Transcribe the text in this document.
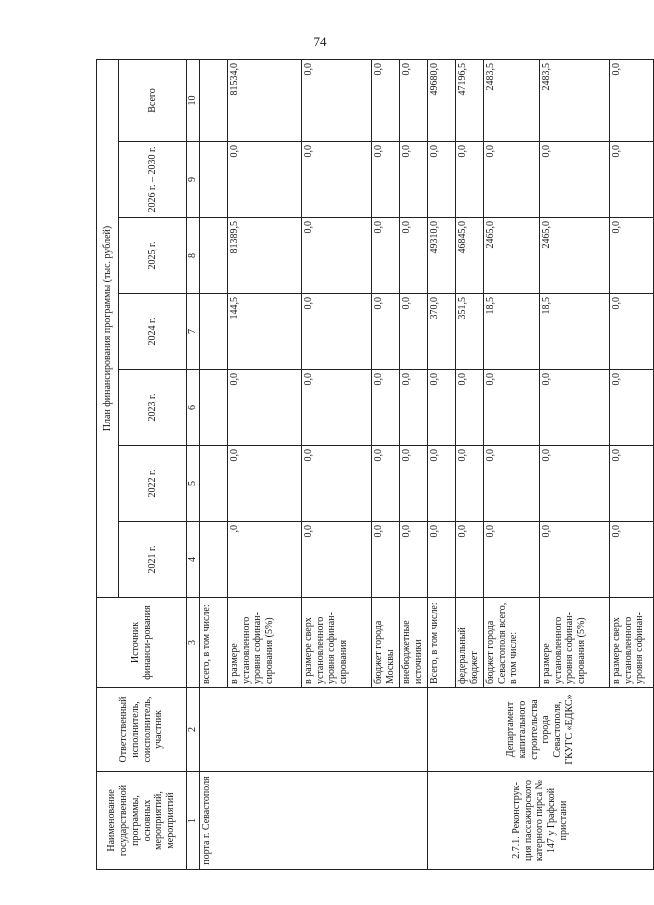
74
Наименование государственной программы, основных мероприятий, мероприятий	Ответственный исполнитель, соисполнитель, участник	Источник финанси-рования	План финансирования программы (тыс. рублей)						
			2021 г.	2022 г.	2023 г.	2024 г.	2025 г.	2026 г. – 2030 г.	Всего
1	2	3	4	5	6	7	8	9	10
порта г. Севастополя		всего, в том числе:							
		в размере установленного уровня софинан-сирования (5%)	,0	0,0	0,0	144,5	81389,5	0,0	81534,0
		в размере сверх установленного уровня софинан-сирования	0,0	0,0	0,0	0,0	0,0	0,0	0,0
		бюджет города Москвы	0,0	0,0	0,0	0,0	0,0	0,0	0,0
		внебюджетные источники	0,0	0,0	0,0	0,0	0,0	0,0	0,0
2.7.1. Реконструк-ция пассажирского катерного пирса № 147 у Графской пристани	Департамент капитального строительства города Севастополя, ГКУГС «ЕДКС»	Всего, в том числе:	0,0	0,0	0,0	370,0	49310,0	0,0	49680,0
		федеральный бюджет	0,0	0,0	0,0	351,5	46845,0	0,0	47196,5
		бюджет города Севастополя всего, в том числе:	0,0	0,0	0,0	18,5	2465,0	0,0	2483,5
		в размере установленного уровня софинан-сирования (5%)	0,0	0,0	0,0	18,5	2465,0	0,0	2483,5
		в размере сверх установленного уровня софинан-	0,0	0,0	0,0	0,0	0,0	0,0	0,0
